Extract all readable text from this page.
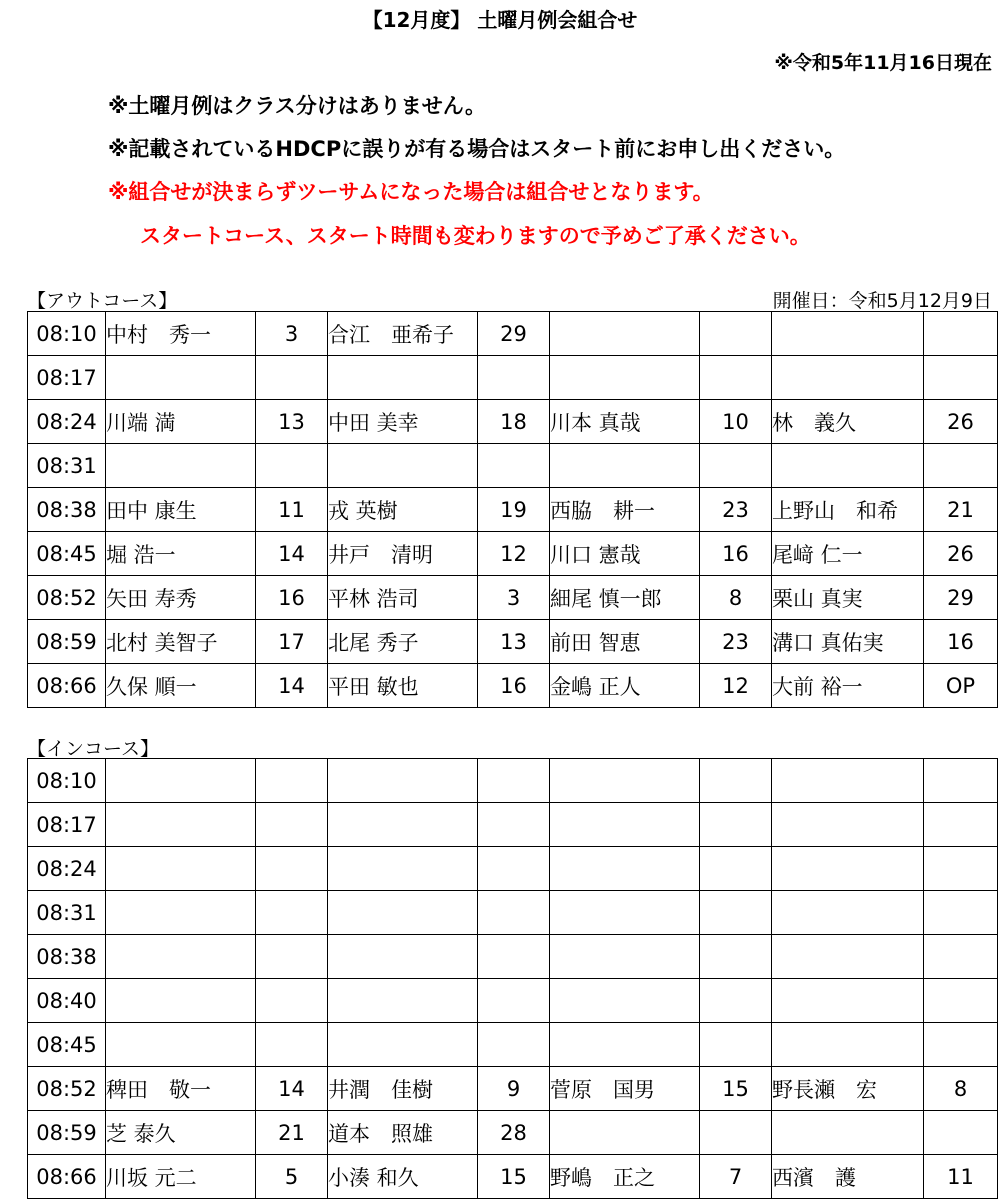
【12月度】 土曜月例会組合せ
※令和5年11月16日現在
※土曜月例はクラス分けはありません。
※記載されているHDCPに誤りが有る場合はスタート前にお申し出ください。
※組合せが決まらずツーサムになった場合は組合せとなります。
スタートコース、スタート時間も変わりますので予めご了承ください。
【アウトコース】	開催日：令和5月12月9日
08:10	中村　秀一	3	合江　亜希子	29				
08:17								
08:24	川端 満	13	中田 美幸	18	川本 真哉	10	林　義久	26
08:31								
08:38	田中 康生	11	戎 英樹	19	西脇　耕一	23	上野山　和希	21
08:45	堀 浩一	14	井戸　清明	12	川口 憲哉	16	尾﨑 仁一	26
08:52	矢田 寿秀	16	平林 浩司	3	細尾 慎一郎	8	栗山 真実	29
08:59	北村 美智子	17	北尾 秀子	13	前田 智恵	23	溝口 真佑実	16
08:66	久保 順一	14	平田 敏也	16	金嶋 正人	12	大前 裕一	OP
【インコース】
08:10								
08:17								
08:24								
08:31								
08:38								
08:40								
08:45								
08:52	稗田　敬一	14	井潤　佳樹	9	菅原　国男	15	野長瀬　宏	8
08:59	芝 泰久	21	道本　照雄	28				
08:66	川坂 元二	5	小湊 和久	15	野嶋　正之	7	西濱　護	11
